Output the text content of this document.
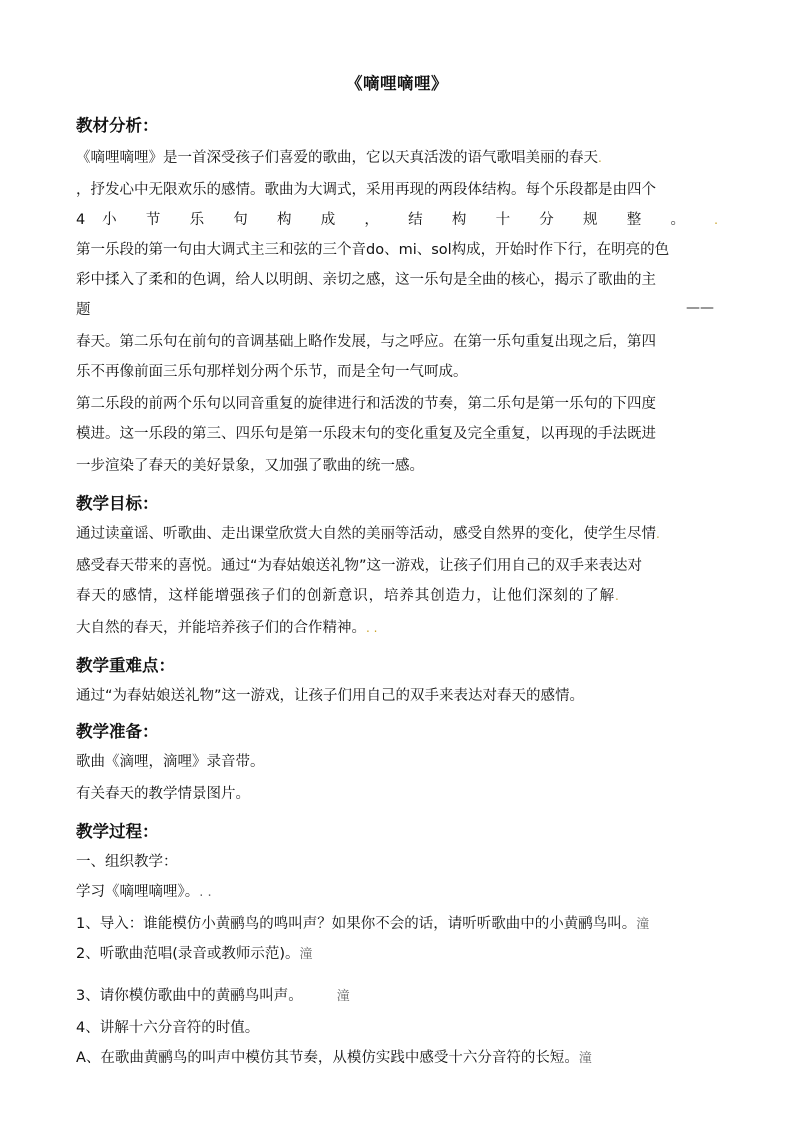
《嘀哩嘀哩》
教材分析：
《嘀哩嘀哩》是一首深受孩子们喜爱的歌曲，它以天真活泼的语气歌唱美丽的春天.
，抒发心中无限欢乐的感情。歌曲为大调式，采用再现的两段体结构。每个乐段都是由四个
4 小 节 乐 句 构 成 ， 结 构 十 分 规 整 。 .
第一乐段的第一句由大调式主三和弦的三个音do、mi、sol构成，开始时作下行，在明亮的色
彩中揉入了柔和的色调，给人以明朗、亲切之感，这一乐句是全曲的核心，揭示了歌曲的主
题	——
春天。第二乐句在前句的音调基础上略作发展，与之呼应。在第一乐句重复出现之后，第四
乐不再像前面三乐句那样划分两个乐节，而是全句一气呵成。
第二乐段的前两个乐句以同音重复的旋律进行和活泼的节奏，第二乐句是第一乐句的下四度
模进。这一乐段的第三、四乐句是第一乐段末句的变化重复及完全重复，以再现的手法既进
一步渲染了春天的美好景象，又加强了歌曲的统一感。
教学目标：
通过读童谣、听歌曲、走出课堂欣赏大自然的美丽等活动，感受自然界的变化，使学生尽情.
感受春天带来的喜悦。通过“为春姑娘送礼物”这一游戏，让孩子们用自己的双手来表达对
春天的感情，这样能增强孩子们的创新意识，培养其创造力，让他们深刻的了解.
大自然的春天，并能培养孩子们的合作精神。. .
教学重难点：
通过“为春姑娘送礼物”这一游戏，让孩子们用自己的双手来表达对春天的感情。
教学准备：
歌曲《滴哩，滴哩》录音带。
有关春天的教学情景图片。
教学过程：
一、组织教学：
学习《嘀哩嘀哩》。. .
1、导入：谁能模仿小黄鹂鸟的鸣叫声？如果你不会的话，请听听歌曲中的小黄鹂鸟叫。潼
2、听歌曲范唱(录音或教师示范)。潼
3、请你模仿歌曲中的黄鹂鸟叫声。	潼
4、讲解十六分音符的时值。
A、在歌曲黄鹂鸟的叫声中模仿其节奏，从模仿实践中感受十六分音符的长短。潼
